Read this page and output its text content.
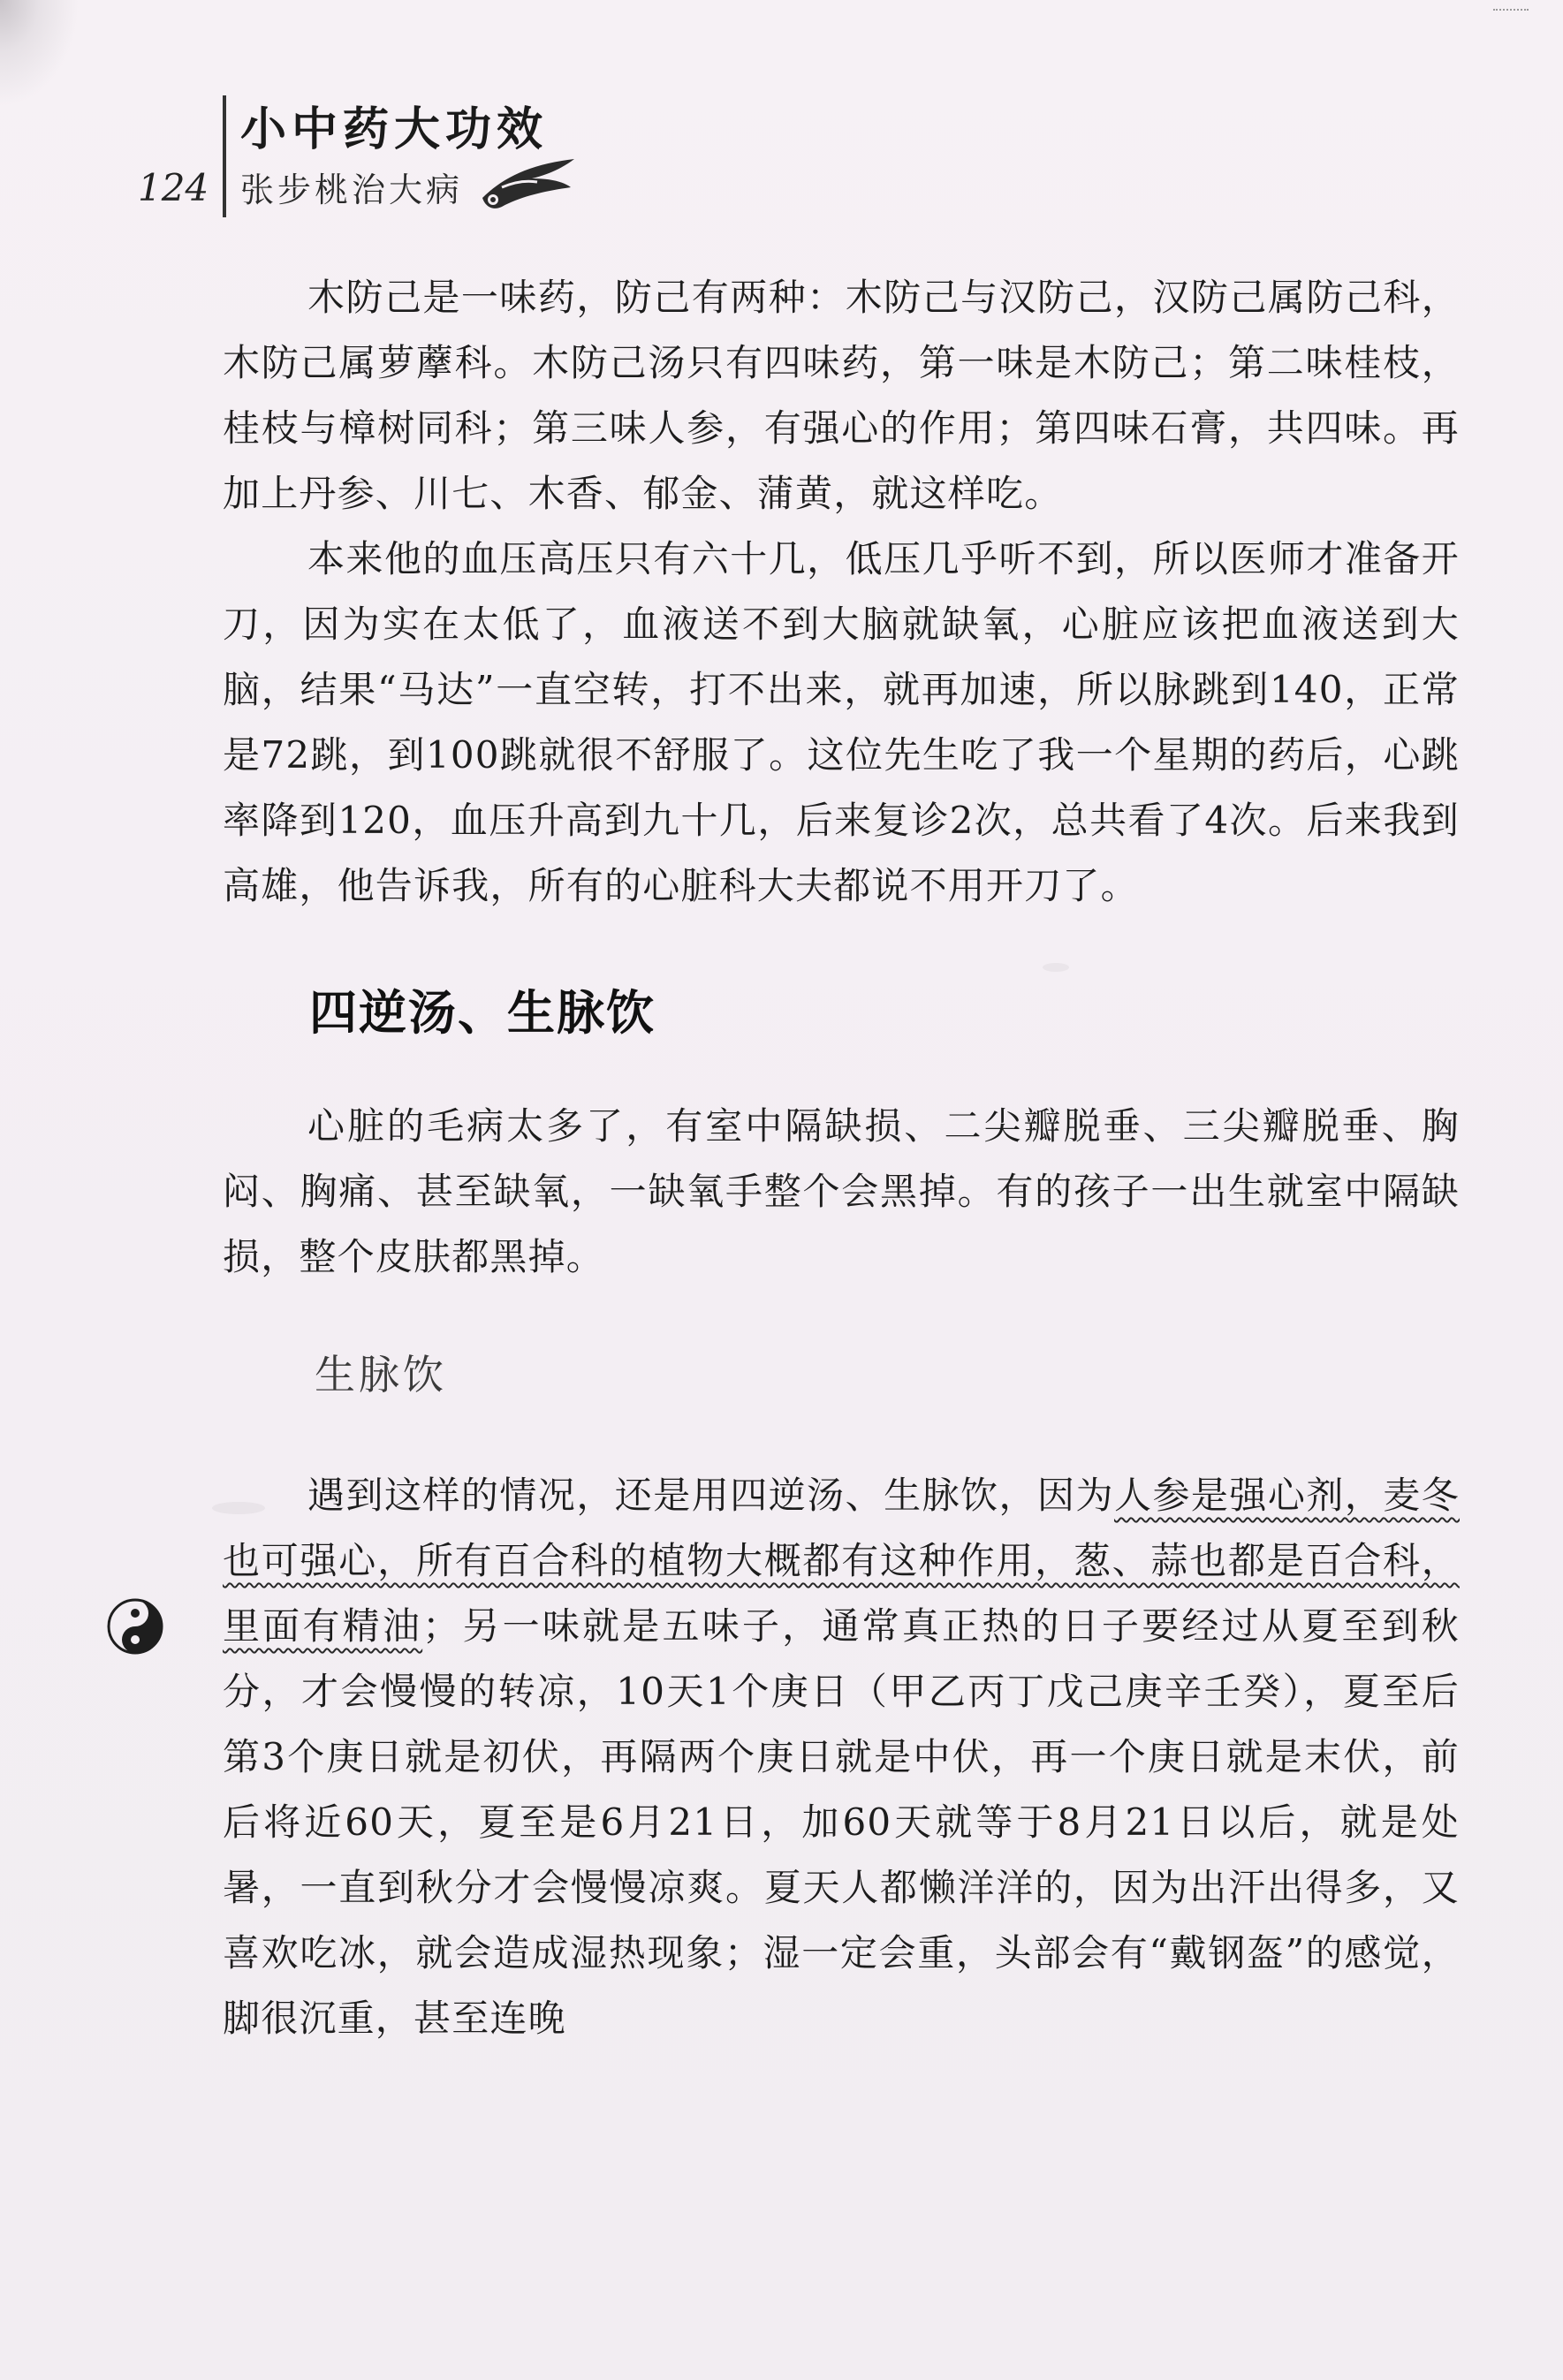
124
小中药大功效
张步桃治大病

木防己是一味药，防己有两种：木防己与汉防己，汉防己属防己科，木防己属萝藦科。木防己汤只有四味药，第一味是木防己；第二味桂枝，桂枝与樟树同科；第三味人参，有强心的作用；第四味石膏，共四味。再加上丹参、川七、木香、郁金、蒲黄，就这样吃。

本来他的血压高压只有六十几，低压几乎听不到，所以医师才准备开刀，因为实在太低了，血液送不到大脑就缺氧，心脏应该把血液送到大脑，结果“马达”一直空转，打不出来，就再加速，所以脉跳到140，正常是72跳，到100跳就很不舒服了。这位先生吃了我一个星期的药后，心跳率降到120，血压升高到九十几，后来复诊2次，总共看了4次。后来我到高雄，他告诉我，所有的心脏科大夫都说不用开刀了。

四逆汤、生脉饮

心脏的毛病太多了，有室中隔缺损、二尖瓣脱垂、三尖瓣脱垂、胸闷、胸痛、甚至缺氧，一缺氧手整个会黑掉。有的孩子一出生就室中隔缺损，整个皮肤都黑掉。

生脉饮

遇到这样的情况，还是用四逆汤、生脉饮，因为人参是强心剂，麦冬也可强心，所有百合科的植物大概都有这种作用，葱、蒜也都是百合科，里面有精油；另一味就是五味子，通常真正热的日子要经过从夏至到秋分，才会慢慢的转凉，10天1个庚日（甲乙丙丁戊己庚辛壬癸），夏至后第3个庚日就是初伏，再隔两个庚日就是中伏，再一个庚日就是末伏，前后将近60天，夏至是6月21日，加60天就等于8月21日以后，就是处暑，一直到秋分才会慢慢凉爽。夏天人都懒洋洋的，因为出汗出得多，又喜欢吃冰，就会造成湿热现象；湿一定会重，头部会有“戴钢盔”的感觉，脚很沉重，甚至连晚
